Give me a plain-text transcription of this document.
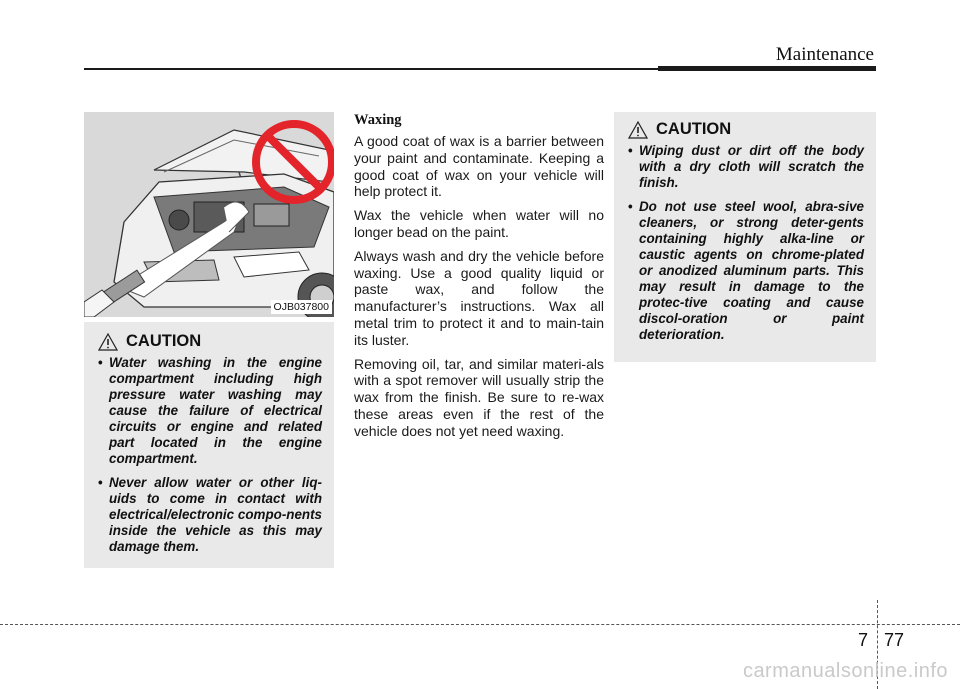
Maintenance
OJB037800
CAUTION
• Water washing in the engine compartment including high pressure water washing may cause the failure of electrical circuits or engine and related part located in the engine compartment.
• Never allow water or other liq-uids to come in contact with electrical/electronic compo-nents inside the vehicle as this may damage them.
Waxing

A good coat of wax is a barrier between your paint and contaminate. Keeping a good coat of wax on your vehicle will help protect it.

Wax the vehicle when water will no longer bead on the paint.

Always wash and dry the vehicle before waxing. Use a good quality liquid or paste wax, and follow the manufacturer’s instructions. Wax all metal trim to protect it and to main-tain its luster.

Removing oil, tar, and similar materi-als with a spot remover will usually strip the wax from the finish. Be sure to re-wax these areas even if the rest of the vehicle does not yet need waxing.

CAUTION
• Wiping dust or dirt off the body with a dry cloth will scratch the finish.
• Do not use steel wool, abra-sive cleaners, or strong deter-gents containing highly alka-line or caustic agents on chrome-plated or anodized aluminum parts. This may result in damage to the protec-tive coating and cause discol-oration or paint deterioration.
7 77
carmanualsonline.info
